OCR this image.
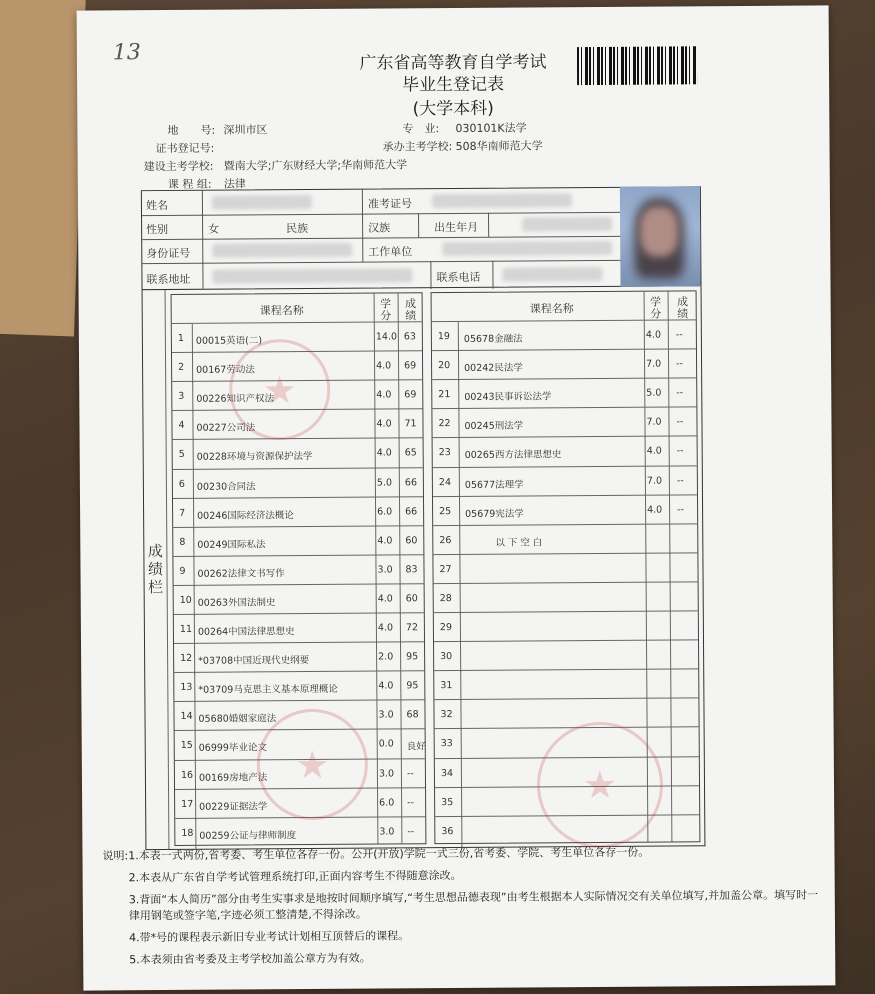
13	广东省高等教育自学考试
毕业生登记表
(大学本科)
地　　号: 深圳市区	专　业: 030101K法学
证书登记号:	承办主考学校: 508华南师范大学
建设主考学校: 暨南大学;广东财经大学;华南师范大学
课 程 组: 法律
姓名	准考证号
性别	女	民族	汉族	出生年月
身份证号	工作单位
联系地址	联系电话
成绩栏
课程名称
学
分
成
绩
1 00015英语(二)	14.0 63
2 00167劳动法	4.0 69
3 00226知识产权法	4.0 69
4 00227公司法	4.0 71
5 00228环境与资源保护法学	4.0 65
6 00230合同法	5.0 66
7 00246国际经济法概论	6.0 66
8 00249国际私法	4.0 60
9 00262法律文书写作	3.0 83
10 00263外国法制史	4.0 60
11 00264中国法律思想史	4.0 72
12 *03708中国近现代史纲要	2.0 95
13 *03709马克思主义基本原理概论	4.0 95
14 05680婚姻家庭法	3.0 68
15 06999毕业论文	0.0 良好
16 00169房地产法	3.0 --
17 00229证据法学	6.0 --
18 00259公证与律师制度	3.0 --
课程名称
学
分
成
绩
19 05678金融法	4.0 --
20 00242民法学	7.0 --
21 00243民事诉讼法学	5.0 --
22 00245刑法学	7.0 --
23 00265西方法律思想史	4.0 --
24 05677法理学	7.0 --
25 05679宪法学	4.0 --
26	以 下 空 白
27
28
29
30
31
32
33
34
35
36
★
★	★
说明:1.本表一式两份,省考委、考生单位各存一份。公开(开放)学院一式三份,省考委、学院、考生单位各存一份。
2.本表从广东省自学考试管理系统打印,正面内容考生不得随意涂改。
3.背面“本人简历”部分由考生实事求是地按时间顺序填写,“考生思想品德表现”由考生根据本人实际情况交有关单位填写,并加盖公章。填写时一律用钢笔或签字笔,字迹必须工整清楚,不得涂改。
4.带*号的课程表示新旧专业考试计划相互顶替后的课程。
5.本表须由省考委及主考学校加盖公章方为有效。
